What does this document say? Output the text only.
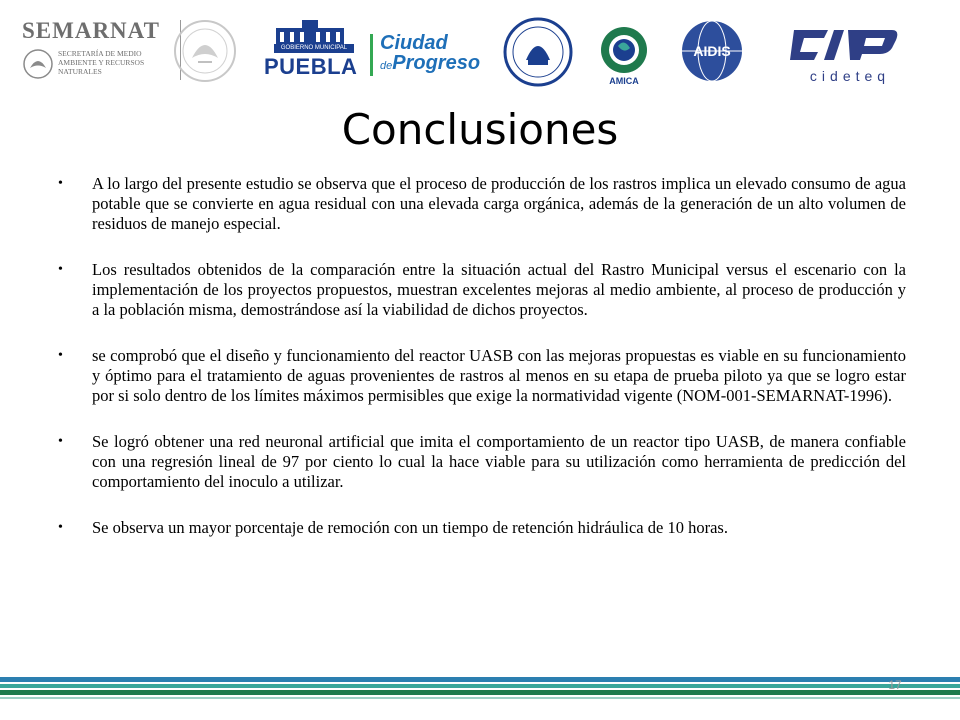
SEMARNAT
SECRETARÍA DE MEDIO AMBIENTE Y RECURSOS NATURALES
GOBIERNO MUNICIPAL
PUEBLA
Ciudad
deProgreso
AMICA
AIDIS
cideteq
Conclusiones
•	A lo largo del presente estudio se observa que el proceso de producción de los rastros implica un elevado consumo de agua potable que se convierte en agua residual con una elevada carga orgánica, además de la generación de un alto volumen de residuos de manejo especial.
•	Los resultados obtenidos de la comparación entre la situación actual del Rastro Municipal versus el escenario con la implementación de los proyectos propuestos, muestran excelentes mejoras al medio ambiente, al proceso de producción y a la población misma, demostrándose así la viabilidad de dichos proyectos.
•	se comprobó que el diseño y funcionamiento del reactor UASB con las mejoras propuestas es viable en su funcionamiento y óptimo para el tratamiento de aguas provenientes de rastros al menos en su etapa de prueba piloto ya que se logro estar por si solo dentro de los límites máximos permisibles que exige la normatividad vigente (NOM-001-SEMARNAT-1996).
•	Se logró obtener una red neuronal artificial que imita el comportamiento de un reactor tipo UASB, de manera confiable con una regresión lineal de 97 por ciento lo cual la hace viable para su utilización como herramienta de predicción del comportamiento del inoculo a utilizar.
•	Se observa un mayor porcentaje de remoción con un tiempo de retención hidráulica de 10 horas.
17
